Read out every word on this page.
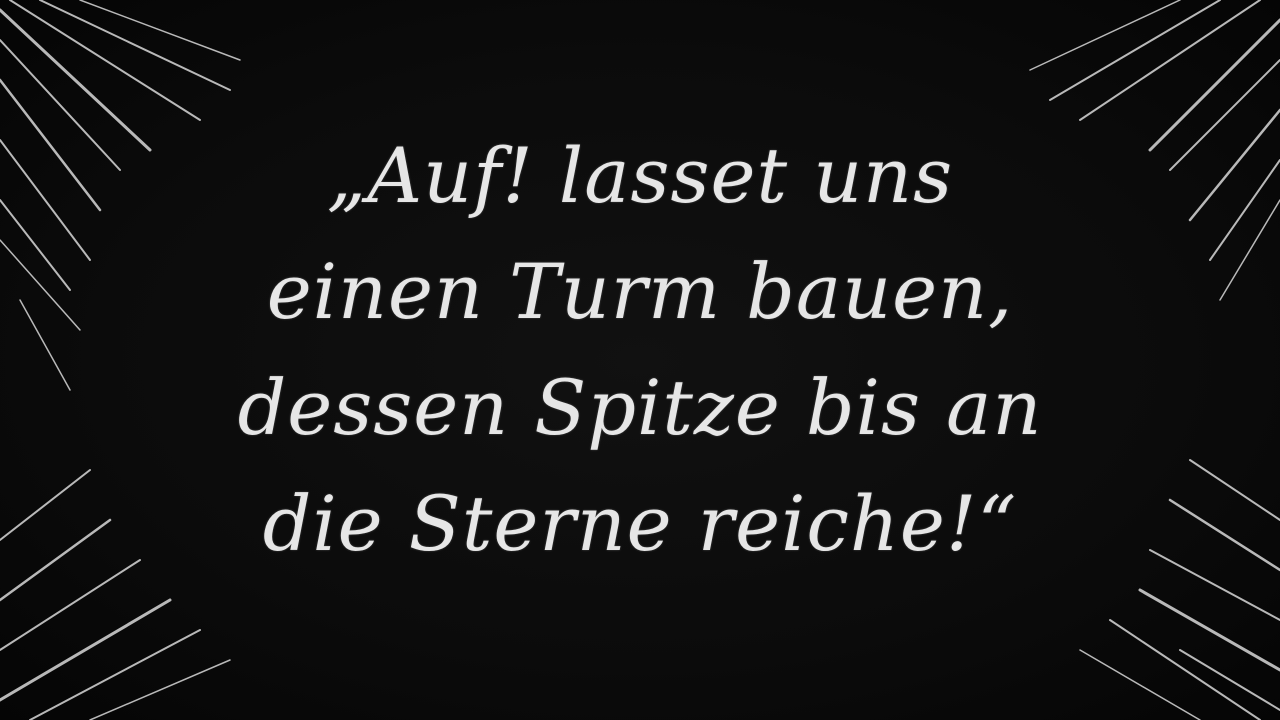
„Auf! lasset uns
einen Turm bauen,
dessen Spitze bis an
die Sterne reiche!“
